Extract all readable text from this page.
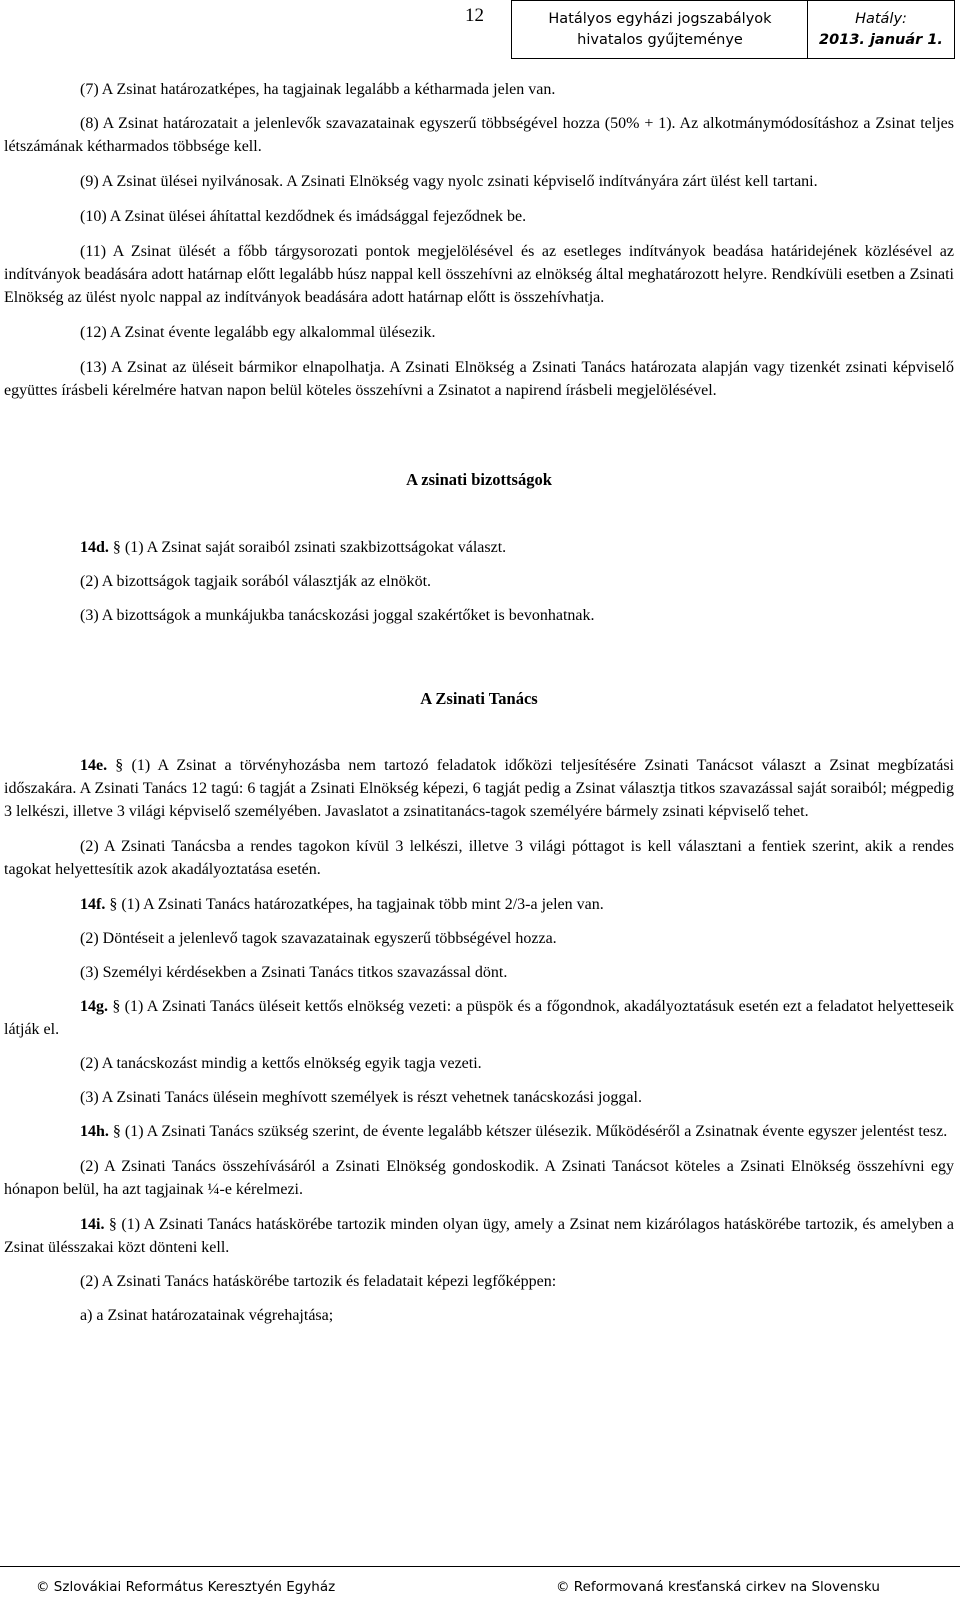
12	Hatályos egyházi jogszabályok
hivatalos gyűjteménye
Hatály:
2013. január 1.

(7) A Zsinat határozatképes, ha tagjainak legalább a kétharmada jelen van.

(8) A Zsinat határozatait a jelenlevők szavazatainak egyszerű többségével hozza (50% + 1). Az alkotmánymódosításhoz a Zsinat teljes létszámának kétharmados többsége kell.

(9) A Zsinat ülései nyilvánosak. A Zsinati Elnökség vagy nyolc zsinati képviselő indítványára zárt ülést kell tartani.

(10) A Zsinat ülései áhítattal kezdődnek és imádsággal fejeződnek be.

(11) A Zsinat ülését a főbb tárgysorozati pontok megjelölésével és az esetleges indítványok beadása határidejének közlésével az indítványok beadására adott határnap előtt legalább húsz nappal kell összehívni az elnökség által meghatározott helyre. Rendkívüli esetben a Zsinati Elnökség az ülést nyolc nappal az indítványok beadására adott határnap előtt is összehívhatja.

(12) A Zsinat évente legalább egy alkalommal ülésezik.

(13) A Zsinat az üléseit bármikor elnapolhatja. A Zsinati Elnökség a Zsinati Tanács határozata alapján vagy tizenkét zsinati képviselő együttes írásbeli kérelmére hatvan napon belül köteles összehívni a Zsinatot a napirend írásbeli megjelölésével.

A zsinati bizottságok

14d. § (1) A Zsinat saját soraiból zsinati szakbizottságokat választ.

(2) A bizottságok tagjaik sorából választják az elnököt.

(3) A bizottságok a munkájukba tanácskozási joggal szakértőket is bevonhatnak.

A Zsinati Tanács

14e. § (1) A Zsinat a törvényhozásba nem tartozó feladatok időközi teljesítésére Zsinati Tanácsot választ a Zsinat megbízatási időszakára. A Zsinati Tanács 12 tagú: 6 tagját a Zsinati Elnökség képezi, 6 tagját pedig a Zsinat választja titkos szavazással saját soraiból; mégpedig 3 lelkészi, illetve 3 világi képviselő személyében. Javaslatot a zsinatitanács-tagok személyére bármely zsinati képviselő tehet.

(2) A Zsinati Tanácsba a rendes tagokon kívül 3 lelkészi, illetve 3 világi póttagot is kell választani a fentiek szerint, akik a rendes tagokat helyettesítik azok akadályoztatása esetén.

14f. § (1) A Zsinati Tanács határozatképes, ha tagjainak több mint 2/3-a jelen van.

(2) Döntéseit a jelenlevő tagok szavazatainak egyszerű többségével hozza.

(3) Személyi kérdésekben a Zsinati Tanács titkos szavazással dönt.

14g. § (1) A Zsinati Tanács üléseit kettős elnökség vezeti: a püspök és a főgondnok, akadályoztatásuk esetén ezt a feladatot helyetteseik látják el.

(2) A tanácskozást mindig a kettős elnökség egyik tagja vezeti.

(3) A Zsinati Tanács ülésein meghívott személyek is részt vehetnek tanácskozási joggal.

14h. § (1) A Zsinati Tanács szükség szerint, de évente legalább kétszer ülésezik. Működéséről a Zsinatnak évente egyszer jelentést tesz.

(2) A Zsinati Tanács összehívásáról a Zsinati Elnökség gondoskodik. A Zsinati Tanácsot köteles a Zsinati Elnökség összehívni egy hónapon belül, ha azt tagjainak ¼-e kérelmezi.

14i. § (1) A Zsinati Tanács hatáskörébe tartozik minden olyan ügy, amely a Zsinat nem kizárólagos hatáskörébe tartozik, és amelyben a Zsinat ülésszakai közt dönteni kell.

(2) A Zsinati Tanács hatáskörébe tartozik és feladatait képezi legfőképpen:

a) a Zsinat határozatainak végrehajtása;

© Szlovákiai Református Keresztyén Egyház	© Reformovaná kresťanská cirkev na Slovensku
